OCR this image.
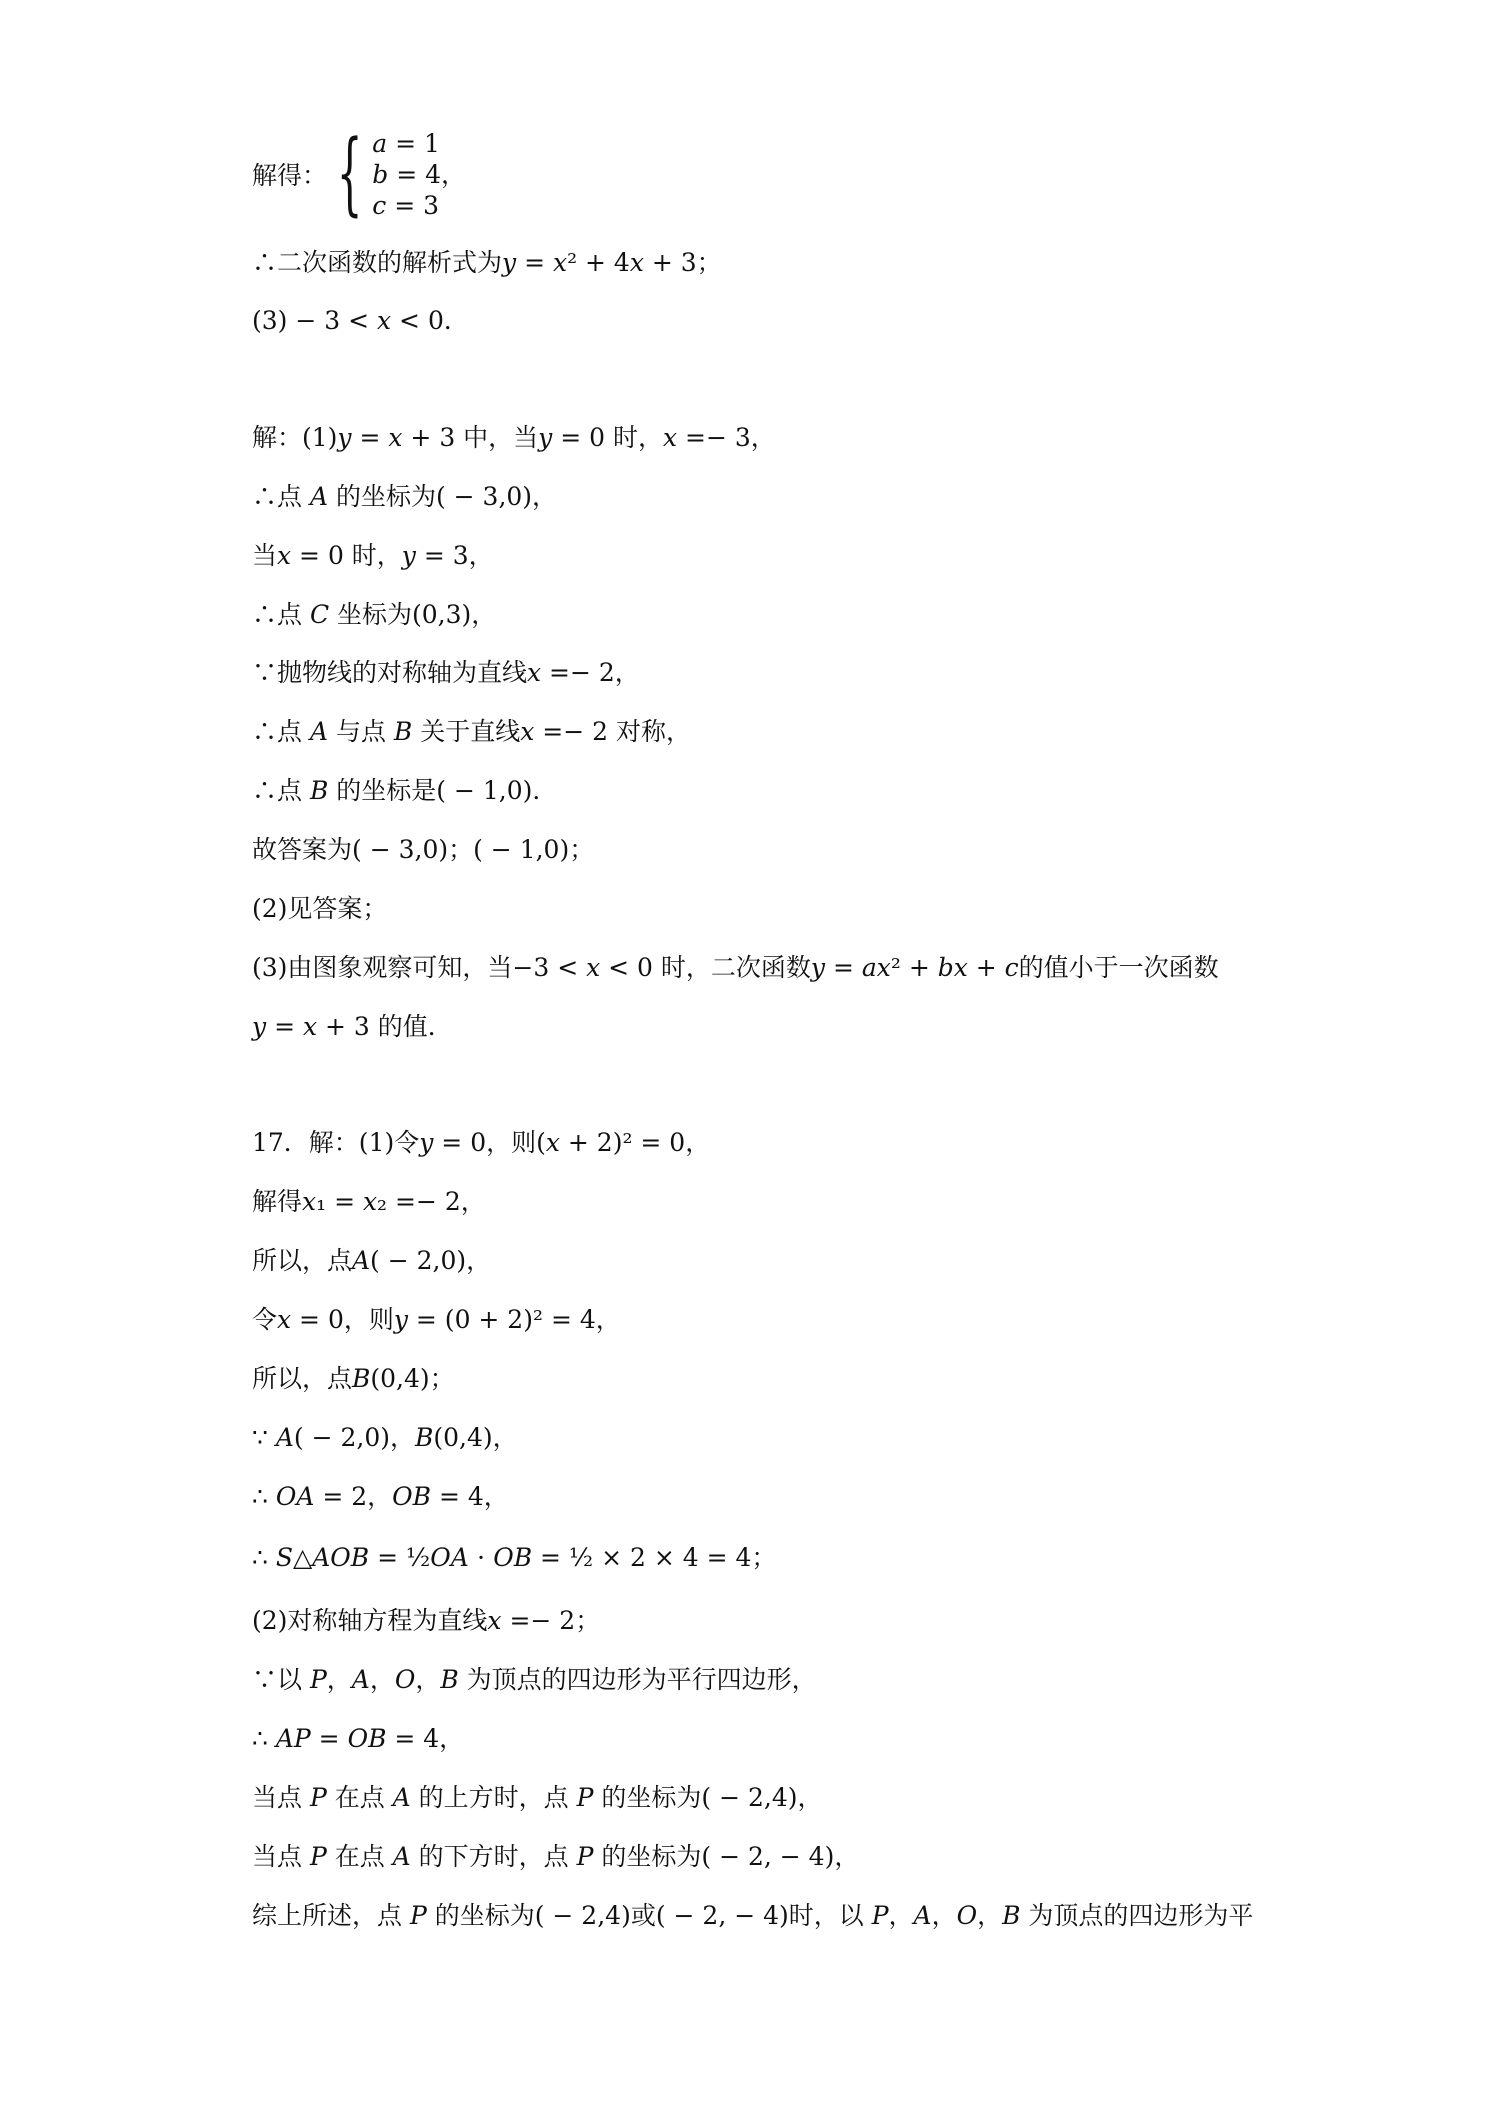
解得： { 𝑎 = 1
𝑏 = 4，
𝑐 = 3
∴二次函数的解析式为𝑦 = 𝑥² + 4𝑥 + 3；
(3) − 3 < 𝑥 < 0．
解：(1)𝑦 = 𝑥 + 3 中，当𝑦 = 0 时，𝑥 =− 3，
∴点 𝐴 的坐标为( − 3,0)，
当𝑥 = 0 时，𝑦 = 3，
∴点 𝐶 坐标为(0,3)，
∵抛物线的对称轴为直线𝑥 =− 2，
∴点 𝐴 与点 𝐵 关于直线𝑥 =− 2 对称，
∴点 𝐵 的坐标是( − 1,0)．
故答案为( − 3,0)；( − 1,0)；
(2)见答案；
(3)由图象观察可知，当−3 < 𝑥 < 0 时，二次函数𝑦 = 𝑎𝑥² + 𝑏𝑥 + 𝑐的值小于一次函数
𝑦 = 𝑥 + 3 的值．
17．解：(1)令𝑦 = 0，则(𝑥 + 2)² = 0，
解得𝑥₁ = 𝑥₂ =− 2，
所以，点𝐴( − 2,0)，
令𝑥 = 0，则𝑦 = (0 + 2)² = 4，
所以，点𝐵(0,4)；
∵ 𝐴( − 2,0)，𝐵(0,4)，
∴ 𝑂𝐴 = 2，𝑂𝐵 = 4，
∴ 𝑆△𝐴𝑂𝐵 = ½𝑂𝐴 ⋅ 𝑂𝐵 = ½ × 2 × 4 = 4；
(2)对称轴方程为直线𝑥 =− 2；
∵以 𝑃，𝐴，𝑂，𝐵 为顶点的四边形为平行四边形，
∴ 𝐴𝑃 = 𝑂𝐵 = 4，
当点 𝑃 在点 𝐴 的上方时，点 𝑃 的坐标为( − 2,4)，
当点 𝑃 在点 𝐴 的下方时，点 𝑃 的坐标为( − 2, − 4)，
综上所述，点 𝑃 的坐标为( − 2,4)或( − 2, − 4)时，以 𝑃，𝐴，𝑂，𝐵 为顶点的四边形为平
